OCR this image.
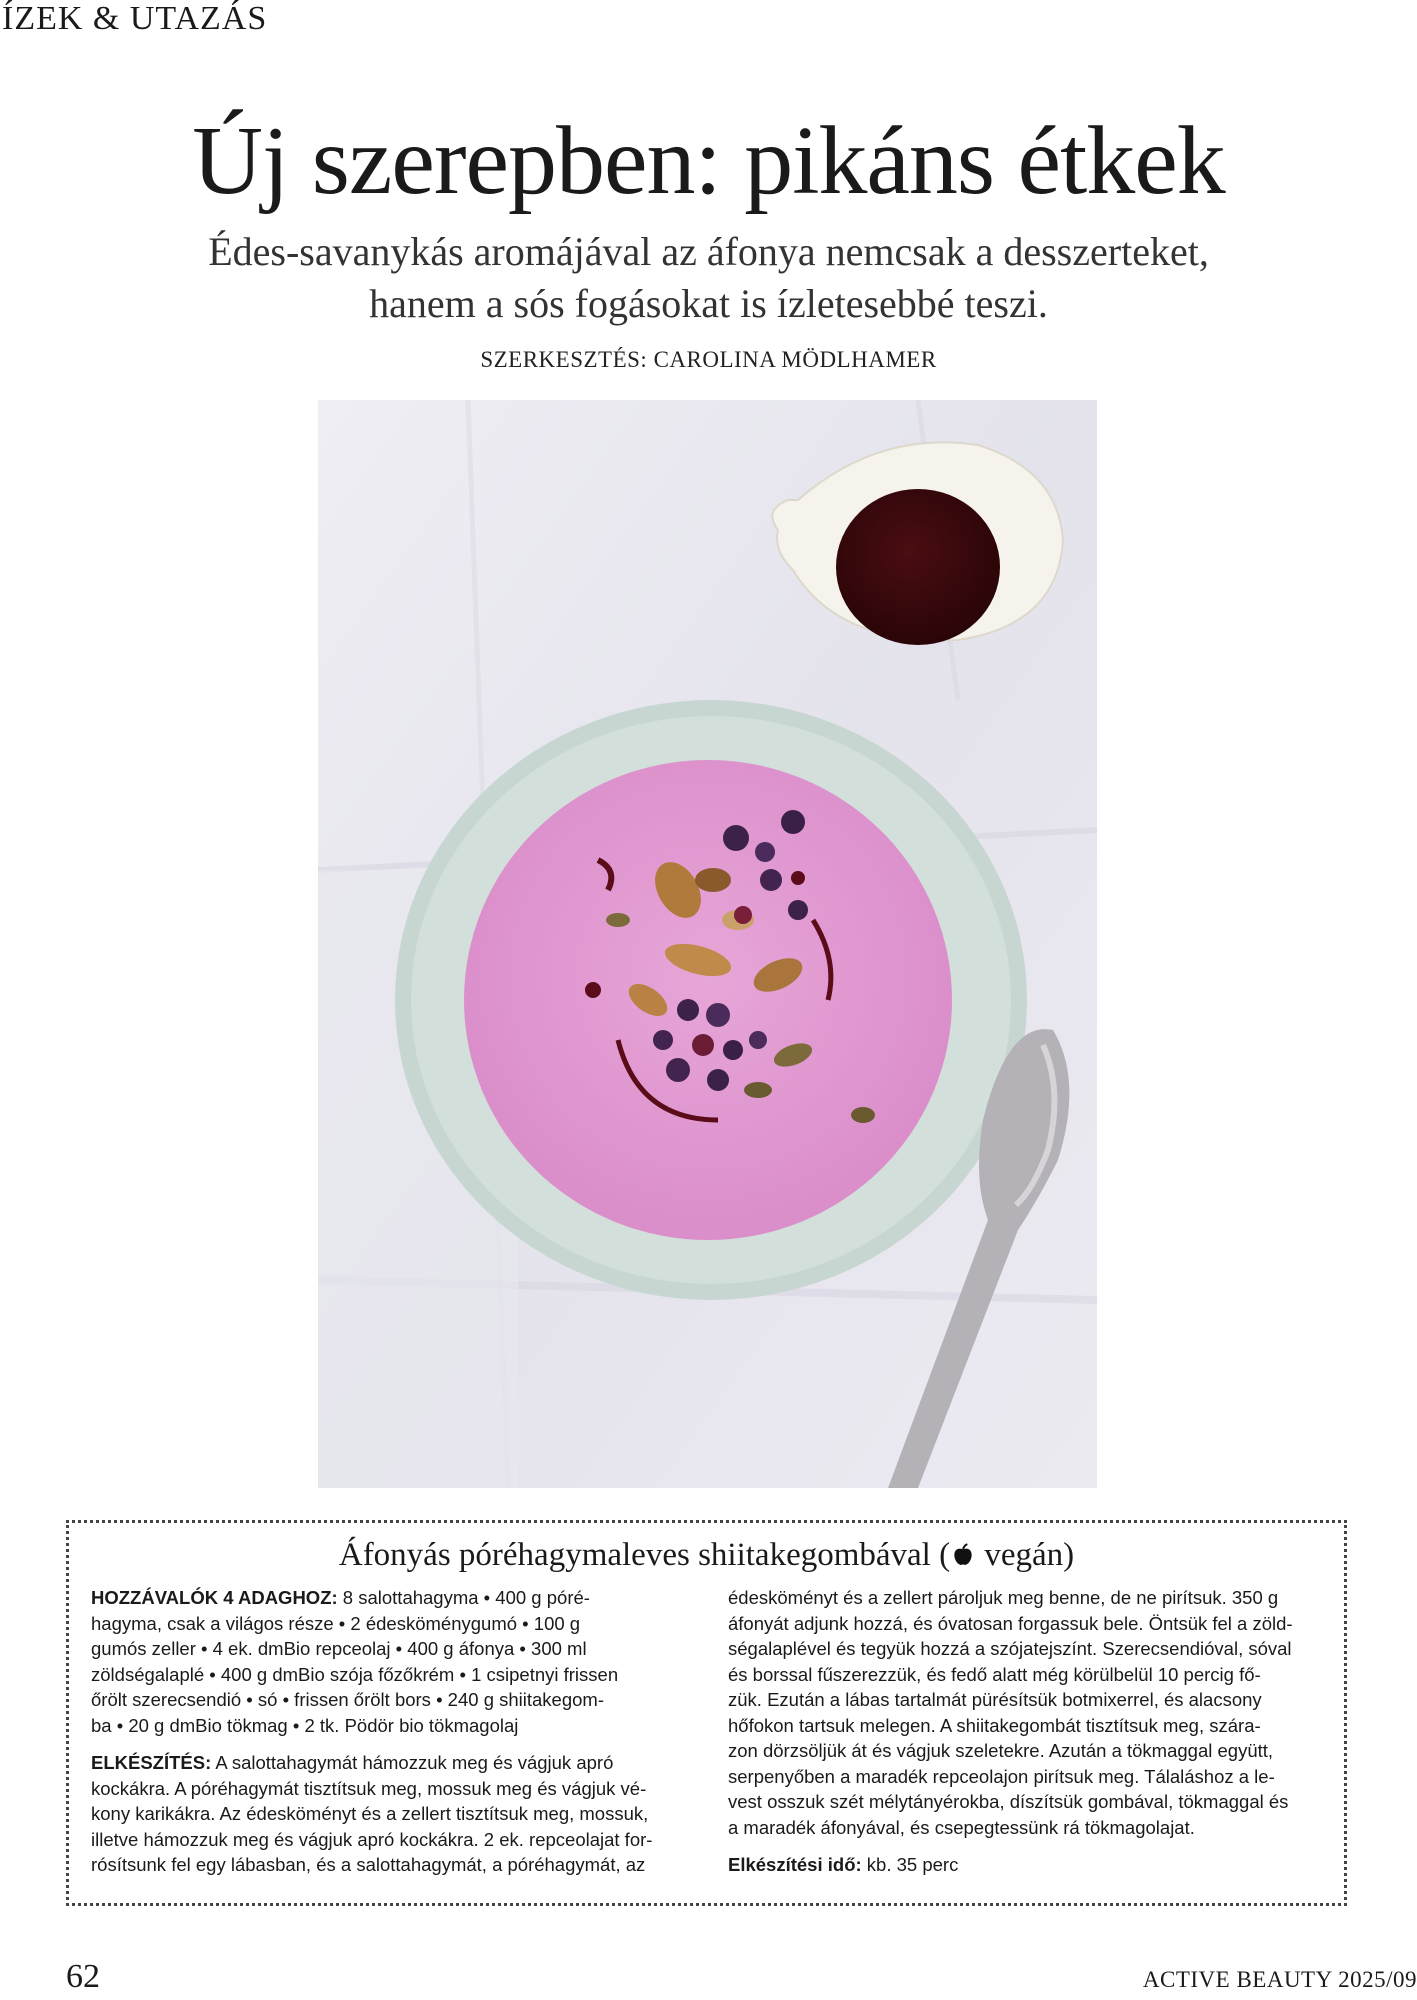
ÍZEK & UTAZÁS
Új szerepben: pikáns étkek
Édes-savanykás aromájával az áfonya nemcsak a desszerteket,
hanem a sós fogásokat is ízletesebbé teszi.
SZERKESZTÉS: CAROLINA MÖDLHAMER
Áfonyás póréhagymaleves shiitakegombával ( vegán)

HOZZÁVALÓK 4 ADAGHOZ: 8 salottahagyma • 400 g póré-
hagyma, csak a világos része • 2 édesköménygumó • 100 g
gumós zeller • 4 ek. dmBio repceolaj • 400 g áfonya • 300 ml
zöldségalaplé • 400 g dmBio szója főzőkrém • 1 csipetnyi frissen
őrölt szerecsendió • só • frissen őrölt bors • 240 g shiitakegom-
ba • 20 g dmBio tökmag • 2 tk. Pödör bio tökmagolaj

ELKÉSZÍTÉS: A salottahagymát hámozzuk meg és vágjuk apró
kockákra. A póréhagymát tisztítsuk meg, mossuk meg és vágjuk vé-
kony karikákra. Az édesköményt és a zellert tisztítsuk meg, mossuk,
illetve hámozzuk meg és vágjuk apró kockákra. 2 ek. repceolajat for-
rósítsunk fel egy lábasban, és a salottahagymát, a póréhagymát, az

édesköményt és a zellert pároljuk meg benne, de ne pirítsuk. 350 g
áfonyát adjunk hozzá, és óvatosan forgassuk bele. Öntsük fel a zöld-
ségalaplével és tegyük hozzá a szójatejszínt. Szerecsendióval, sóval
és borssal fűszerezzük, és fedő alatt még körülbelül 10 percig fő-
zük. Ezután a lábas tartalmát pürésítsük botmixerrel, és alacsony
hőfokon tartsuk melegen. A shiitakegombát tisztítsuk meg, szára-
zon dörzsöljük át és vágjuk szeletekre. Azután a tökmaggal együtt,
serpenyőben a maradék repceolajon pirítsuk meg. Tálaláshoz a le-
vest osszuk szét mélytányérokba, díszítsük gombával, tökmaggal és
a maradék áfonyával, és csepegtessünk rá tökmagolajat.

Elkészítési idő: kb. 35 perc

62	ACTIVE BEAUTY 2025/09
